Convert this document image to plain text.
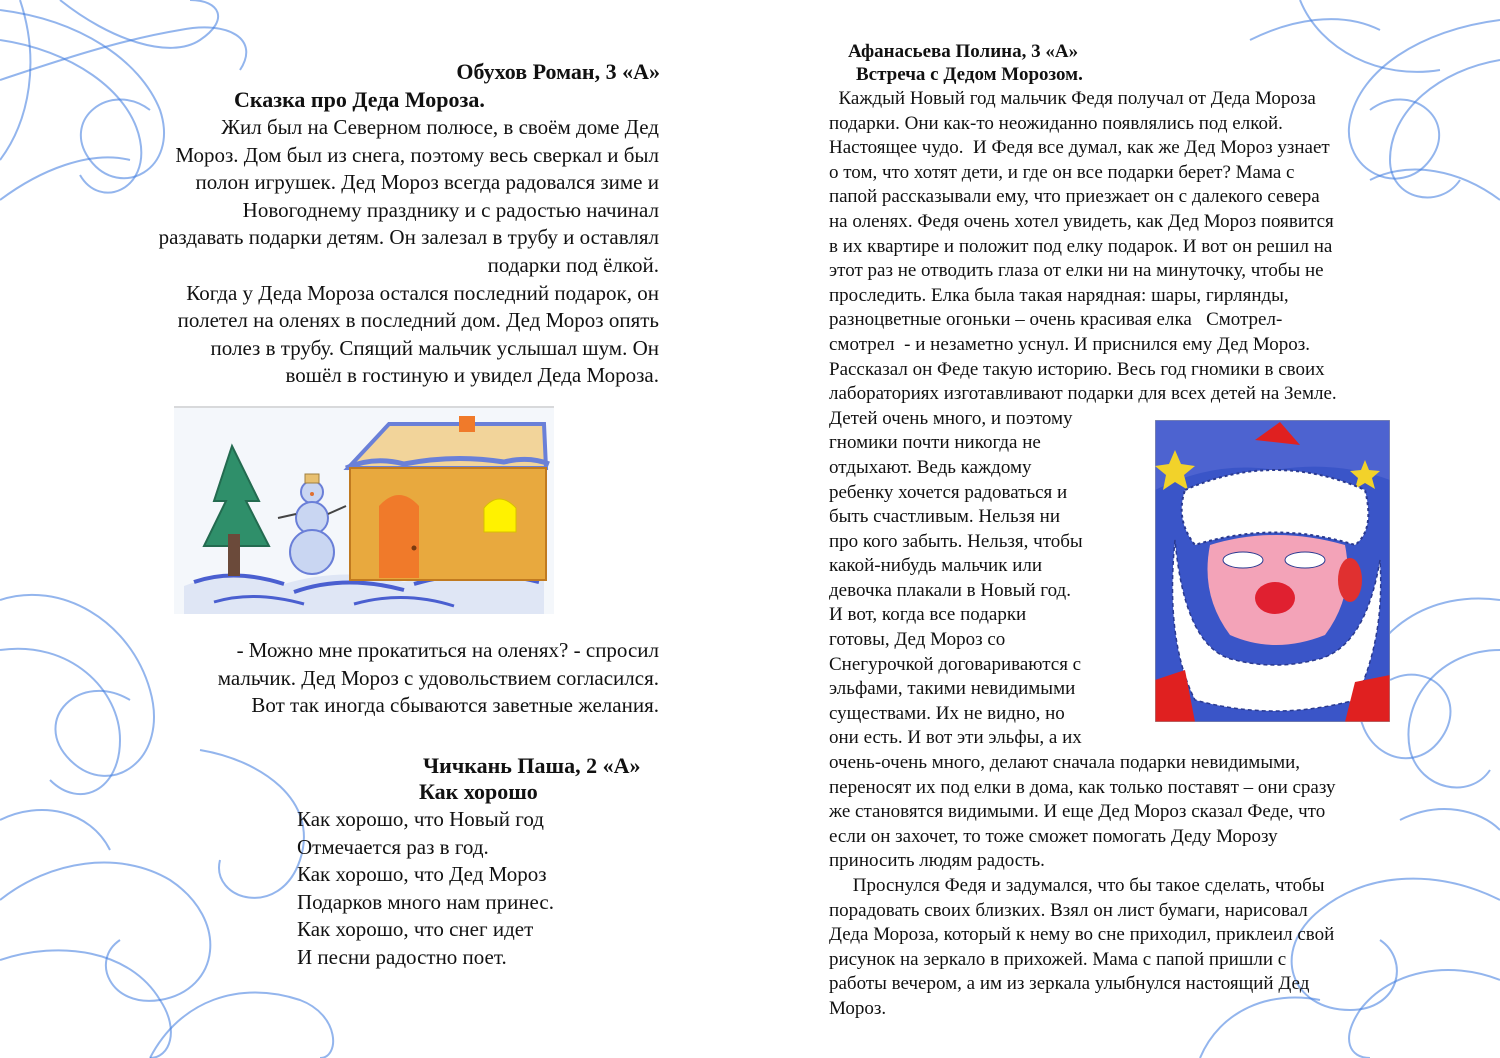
Обухов Роман, 3 «А»
Сказка про Деда Мороза.
Жил был на Северном полюсе, в своём доме Дед
Мороз. Дом был из снега, поэтому весь сверкал и был
полон игрушек. Дед Мороз всегда радовался зиме и
Новогоднему празднику и с радостью начинал
раздавать подарки детям. Он залезал в трубу и оставлял
подарки под ёлкой.
Когда у Деда Мороза остался последний подарок, он
полетел на оленях в последний дом. Дед Мороз опять
полез в трубу. Спящий мальчик услышал шум. Он
вошёл в гостиную и увидел Деда Мороза.
- Можно мне прокатиться на оленях? - спросил
мальчик. Дед Мороз с удовольствием согласился.
Вот так иногда сбываются заветные желания.
Чичкань Паша, 2 «А»
Как хорошо
Как хорошо, что Новый год
Отмечается раз в год.
Как хорошо, что Дед Мороз
Подарков много нам принес.
Как хорошо, что снег идет
И песни радостно поет.
Афанасьева Полина, 3 «А»
Встреча с Дедом Морозом.
Каждый Новый год мальчик Федя получал от Деда Мороза
подарки. Они как-то неожиданно появлялись под елкой.
Настоящее чудо.  И Федя все думал, как же Дед Мороз узнает
о том, что хотят дети, и где он все подарки берет? Мама с
папой рассказывали ему, что приезжает он с далекого севера
на оленях. Федя очень хотел увидеть, как Дед Мороз появится
в их квартире и положит под елку подарок. И вот он решил на
этот раз не отводить глаза от елки ни на минуточку, чтобы не
проследить. Елка была такая нарядная: шары, гирлянды,
разноцветные огоньки – очень красивая елка   Смотрел-
смотрел  - и незаметно уснул. И приснился ему Дед Мороз.
Рассказал он Феде такую историю. Весь год гномики в своих
лабораториях изготавливают подарки для всех детей на Земле.
Детей очень много, и поэтому
гномики почти никогда не
отдыхают. Ведь каждому
ребенку хочется радоваться и
быть счастливым. Нельзя ни
про кого забыть. Нельзя, чтобы
какой-нибудь мальчик или
девочка плакали в Новый год.
И вот, когда все подарки
готовы, Дед Мороз со
Снегурочкой договариваются с
эльфами, такими невидимыми
существами. Их не видно, но
они есть. И вот эти эльфы, а их
очень-очень много, делают сначала подарки невидимыми,
переносят их под елки в дома, как только поставят – они сразу
же становятся видимыми. И еще Дед Мороз сказал Феде, что
если он захочет, то тоже сможет помогать Деду Морозу
приносить людям радость.
Проснулся Федя и задумался, что бы такое сделать, чтобы
порадовать своих близких. Взял он лист бумаги, нарисовал
Деда Мороза, который к нему во сне приходил, приклеил свой
рисунок на зеркало в прихожей. Мама с папой пришли с
работы вечером, а им из зеркала улыбнулся настоящий Дед
Мороз.
